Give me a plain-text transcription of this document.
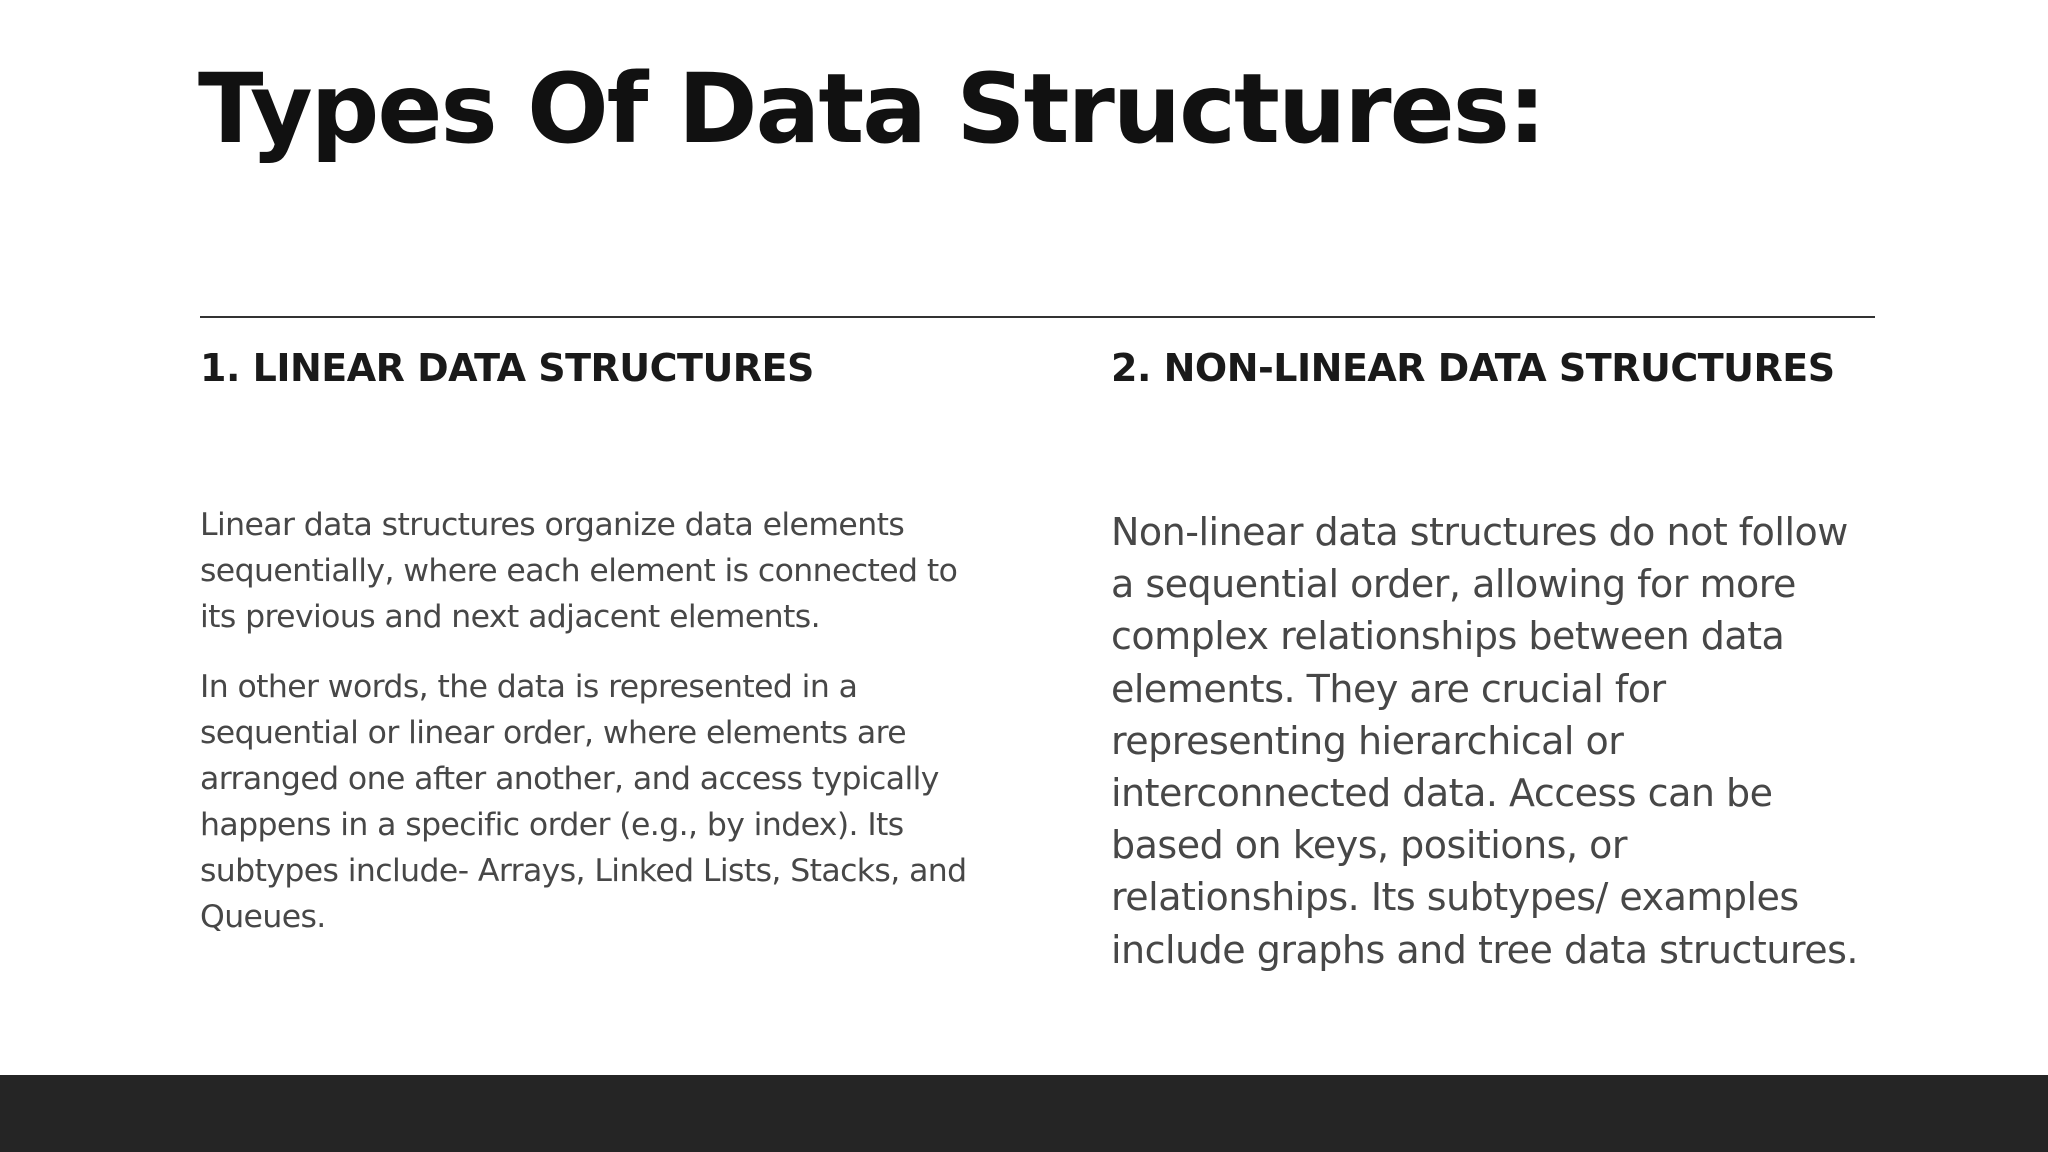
Types Of Data Structures:
1. LINEAR DATA STRUCTURES

Linear data structures organize data elements sequentially, where each element is connected to its previous and next adjacent elements.

In other words, the data is represented in a sequential or linear order, where elements are arranged one after another, and access typically happens in a specific order (e.g., by index). Its subtypes include- Arrays, Linked Lists, Stacks, and Queues.

2. NON-LINEAR DATA STRUCTURES

Non-linear data structures do not follow a sequential order, allowing for more complex relationships between data elements. They are crucial for representing hierarchical or interconnected data. Access can be based on keys, positions, or relationships. Its subtypes/ examples include graphs and tree data structures.
